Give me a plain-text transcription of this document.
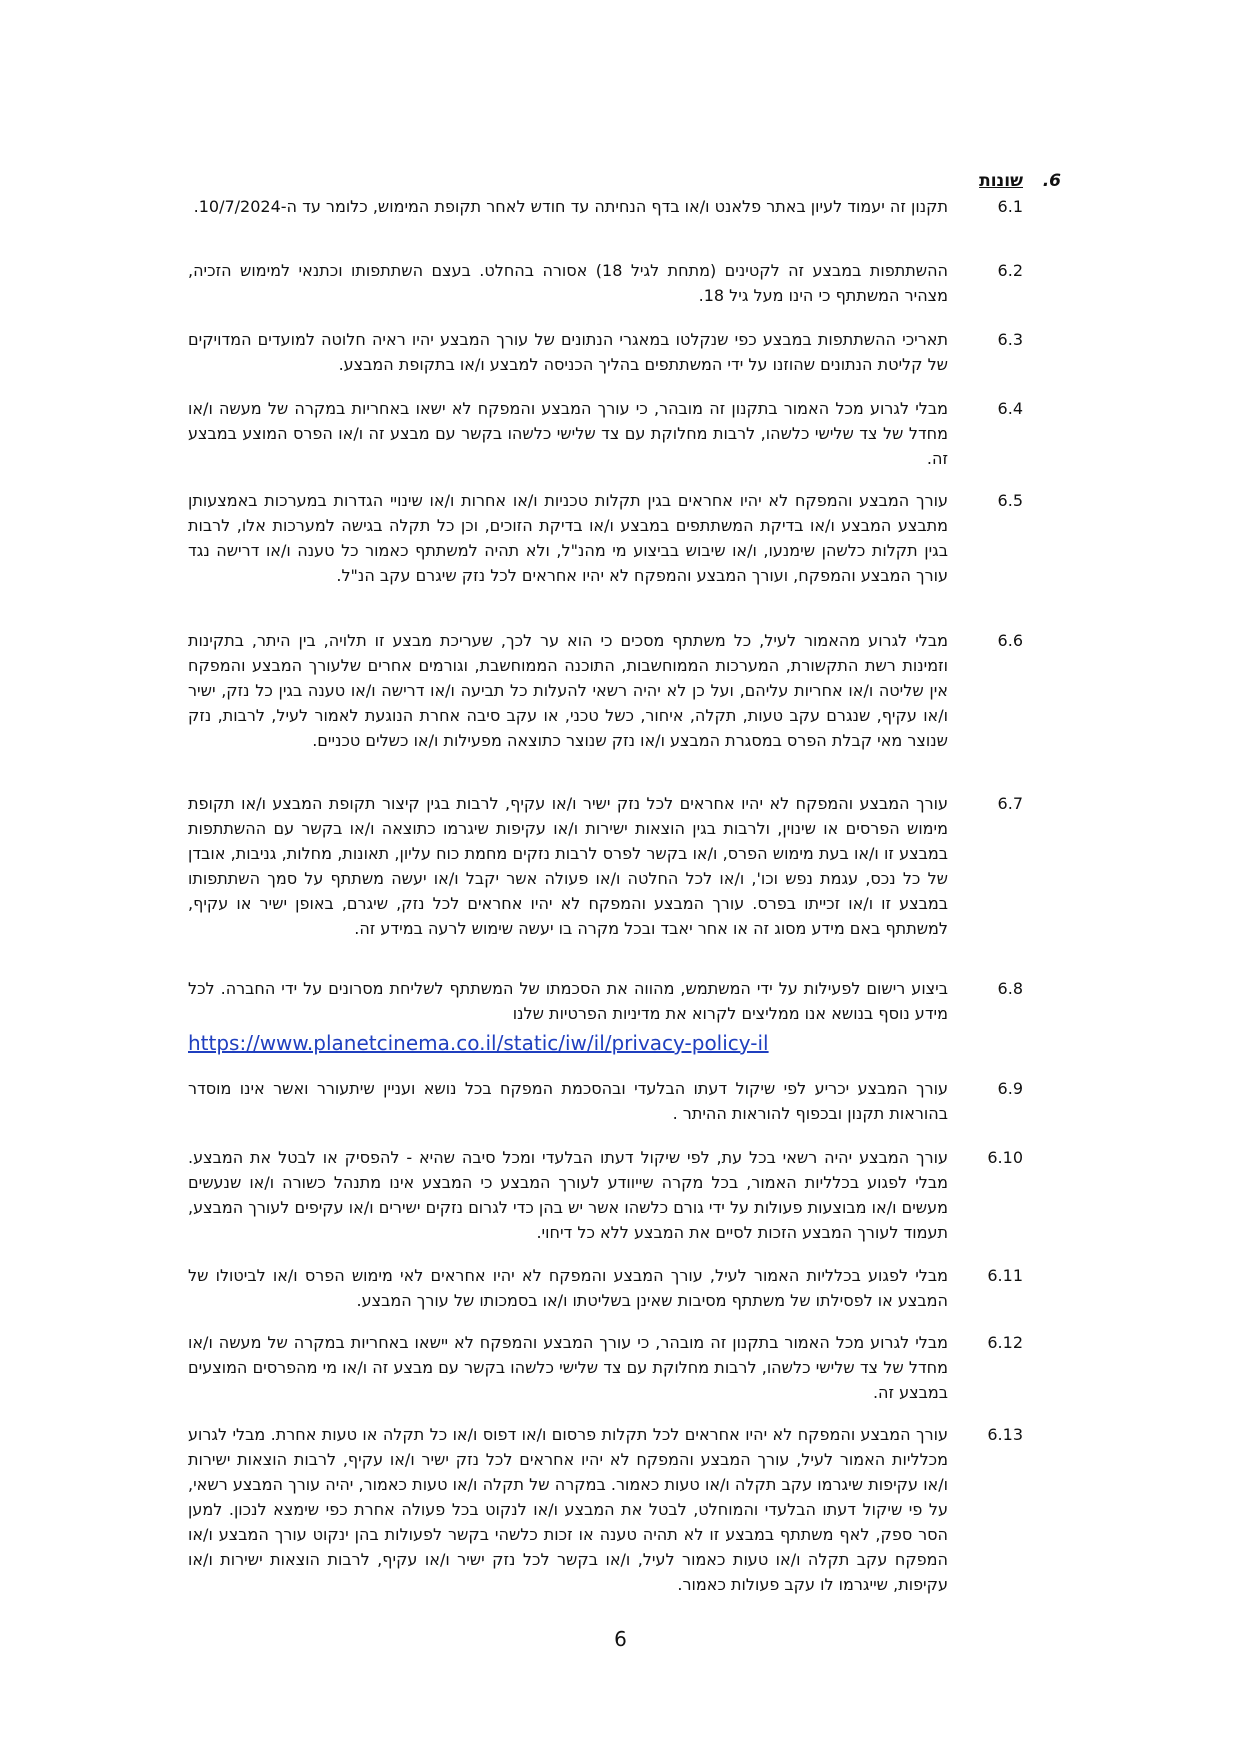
6.
שונות
6.1
תקנון זה יעמוד לעיון באתר פלאנט ו/או בדף הנחיתה עד חודש לאחר תקופת המימוש, כלומר עד ה-10/7/2024.
6.2
ההשתתפות במבצע זה לקטינים (מתחת לגיל 18) אסורה בהחלט. בעצם השתתפותו וכתנאי למימוש הזכיה, מצהיר המשתתף כי הינו מעל גיל 18.
6.3
תאריכי ההשתתפות במבצע כפי שנקלטו במאגרי הנתונים של עורך המבצע יהיו ראיה חלוטה למועדים המדויקים של קליטת הנתונים שהוזנו על ידי המשתתפים בהליך הכניסה למבצע ו/או בתקופת המבצע.
6.4
מבלי לגרוע מכל האמור בתקנון זה מובהר, כי עורך המבצע והמפקח לא ישאו באחריות במקרה של מעשה ו/או מחדל של צד שלישי כלשהו, לרבות מחלוקת עם צד שלישי כלשהו בקשר עם מבצע זה ו/או הפרס המוצע במבצע זה.
6.5
עורך המבצע והמפקח לא יהיו אחראים בגין תקלות טכניות ו/או אחרות ו/או שינויי הגדרות במערכות באמצעותן מתבצע המבצע ו/או בדיקת המשתתפים במבצע ו/או בדיקת הזוכים, וכן כל תקלה בגישה למערכות אלו, לרבות בגין תקלות כלשהן שימנעו, ו/או שיבוש בביצוע מי מהנ"ל, ולא תהיה למשתתף כאמור כל טענה ו/או דרישה נגד עורך המבצע והמפקח, ועורך המבצע והמפקח לא יהיו אחראים לכל נזק שיגרם עקב הנ"ל.
6.6
מבלי לגרוע מהאמור לעיל, כל משתתף מסכים כי הוא ער לכך, שעריכת מבצע זו תלויה, בין היתר, בתקינות וזמינות רשת התקשורת, המערכות הממוחשבות, התוכנה הממוחשבת, וגורמים אחרים שלעורך המבצע והמפקח אין שליטה ו/או אחריות עליהם, ועל כן לא יהיה רשאי להעלות כל תביעה ו/או דרישה ו/או טענה בגין כל נזק, ישיר ו/או עקיף, שנגרם עקב טעות, תקלה, איחור, כשל טכני, או עקב סיבה אחרת הנוגעת לאמור לעיל, לרבות, נזק שנוצר מאי קבלת הפרס במסגרת המבצע ו/או נזק שנוצר כתוצאה מפעילות ו/או כשלים טכניים.
6.7
עורך המבצע והמפקח לא יהיו אחראים לכל נזק ישיר ו/או עקיף, לרבות בגין קיצור תקופת המבצע ו/או תקופת מימוש הפרסים או שינוין, ולרבות בגין הוצאות ישירות ו/או עקיפות שיגרמו כתוצאה ו/או בקשר עם ההשתתפות במבצע זו ו/או בעת מימוש הפרס, ו/או בקשר לפרס לרבות נזקים מחמת כוח עליון, תאונות, מחלות, גניבות, אובדן של כל נכס, עגמת נפש וכו', ו/או לכל החלטה ו/או פעולה אשר יקבל ו/או יעשה משתתף על סמך השתתפותו במבצע זו ו/או זכייתו בפרס. עורך המבצע והמפקח לא יהיו אחראים לכל נזק, שיגרם, באופן ישיר או עקיף, למשתתף באם מידע מסוג זה או אחר יאבד ובכל מקרה בו יעשה שימוש לרעה במידע זה.
6.8
ביצוע רישום לפעילות על ידי המשתמש, מהווה את הסכמתו של המשתתף לשליחת מסרונים על ידי החברה. לכל מידע נוסף בנושא אנו ממליצים לקרוא את מדיניות הפרטיות שלנו
https://www.planetcinema.co.il/static/iw/il/privacy-policy-il
6.9
עורך המבצע יכריע לפי שיקול דעתו הבלעדי ובהסכמת המפקח בכל נושא ועניין שיתעורר ואשר אינו מוסדר בהוראות תקנון ובכפוף להוראות ההיתר .
6.10
עורך המבצע יהיה רשאי בכל עת, לפי שיקול דעתו הבלעדי ומכל סיבה שהיא - להפסיק או לבטל את המבצע. מבלי לפגוע בכלליות האמור, בכל מקרה שייוודע לעורך המבצע כי המבצע אינו מתנהל כשורה ו/או שנעשים מעשים ו/או מבוצעות פעולות על ידי גורם כלשהו אשר יש בהן כדי לגרום נזקים ישירים ו/או עקיפים לעורך המבצע, תעמוד לעורך המבצע הזכות לסיים את המבצע ללא כל דיחוי.
6.11
מבלי לפגוע בכלליות האמור לעיל, עורך המבצע והמפקח לא יהיו אחראים לאי מימוש הפרס ו/או לביטולו של המבצע או לפסילתו של משתתף מסיבות שאינן בשליטתו ו/או בסמכותו של עורך המבצע.
6.12
מבלי לגרוע מכל האמור בתקנון זה מובהר, כי עורך המבצע והמפקח לא יישאו באחריות במקרה של מעשה ו/או מחדל של צד שלישי כלשהו, לרבות מחלוקת עם צד שלישי כלשהו בקשר עם מבצע זה ו/או מי מהפרסים המוצעים במבצע זה.
6.13
עורך המבצע והמפקח לא יהיו אחראים לכל תקלות פרסום ו/או דפוס ו/או כל תקלה או טעות אחרת. מבלי לגרוע מכלליות האמור לעיל, עורך המבצע והמפקח לא יהיו אחראים לכל נזק ישיר ו/או עקיף, לרבות הוצאות ישירות ו/או עקיפות שיגרמו עקב תקלה ו/או טעות כאמור. במקרה של תקלה ו/או טעות כאמור, יהיה עורך המבצע רשאי, על פי שיקול דעתו הבלעדי והמוחלט, לבטל את המבצע ו/או לנקוט בכל פעולה אחרת כפי שימצא לנכון. למען הסר ספק, לאף משתתף במבצע זו לא תהיה טענה או זכות כלשהי בקשר לפעולות בהן ינקוט עורך המבצע ו/או המפקח עקב תקלה ו/או טעות כאמור לעיל, ו/או בקשר לכל נזק ישיר ו/או עקיף, לרבות הוצאות ישירות ו/או עקיפות, שייגרמו לו עקב פעולות כאמור.
6
